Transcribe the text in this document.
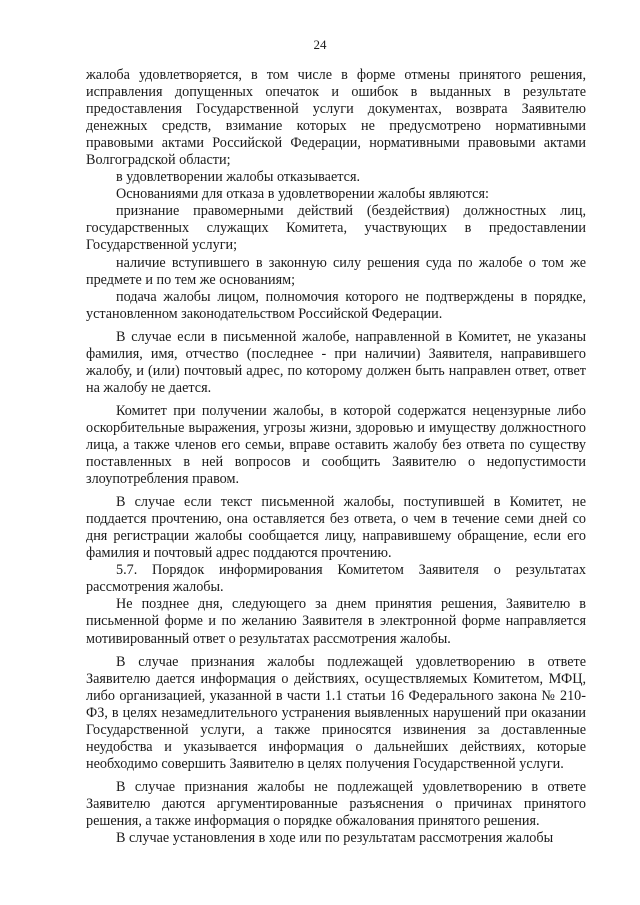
24

жалоба удовлетворяется, в том числе в форме отмены принятого решения, исправления допущенных опечаток и ошибок в выданных в результате предоставления Государственной услуги документах, возврата Заявителю денежных средств, взимание которых не предусмотрено нормативными правовыми актами Российской Федерации, нормативными правовыми актами Волгоградской области;

в удовлетворении жалобы отказывается.

Основаниями для отказа в удовлетворении жалобы являются:

признание правомерными действий (бездействия) должностных лиц, государственных служащих Комитета, участвующих в предоставлении Государственной услуги;

наличие вступившего в законную силу решения суда по жалобе о том же предмете и по тем же основаниям;

подача жалобы лицом, полномочия которого не подтверждены в порядке, установленном законодательством Российской Федерации.

В случае если в письменной жалобе, направленной в Комитет, не указаны фамилия, имя, отчество (последнее - при наличии) Заявителя, направившего жалобу, и (или) почтовый адрес, по которому должен быть направлен ответ, ответ на жалобу не дается.

Комитет при получении жалобы, в которой содержатся нецензурные либо оскорбительные выражения, угрозы жизни, здоровью и имуществу должностного лица, а также членов его семьи, вправе оставить жалобу без ответа по существу поставленных в ней вопросов и сообщить Заявителю о недопустимости злоупотребления правом.

В случае если текст письменной жалобы, поступившей в Комитет, не поддается прочтению, она оставляется без ответа, о чем в течение семи дней со дня регистрации жалобы сообщается лицу, направившему обращение, если его фамилия и почтовый адрес поддаются прочтению.

5.7. Порядок информирования Комитетом Заявителя о результатах рассмотрения жалобы.

Не позднее дня, следующего за днем принятия решения, Заявителю в письменной форме и по желанию Заявителя в электронной форме направляется мотивированный ответ о результатах рассмотрения жалобы.

В случае признания жалобы подлежащей удовлетворению в ответе Заявителю дается информация о действиях, осуществляемых Комитетом, МФЦ, либо организацией, указанной в части 1.1 статьи 16 Федерального закона № 210-ФЗ, в целях незамедлительного устранения выявленных нарушений при оказании Государственной услуги, а также приносятся извинения за доставленные неудобства и указывается информация о дальнейших действиях, которые необходимо совершить Заявителю в целях получения Государственной услуги.

В случае признания жалобы не подлежащей удовлетворению в ответе Заявителю даются аргументированные разъяснения о причинах принятого решения, а также информация о порядке обжалования принятого решения.

В случае установления в ходе или по результатам рассмотрения жалобы
